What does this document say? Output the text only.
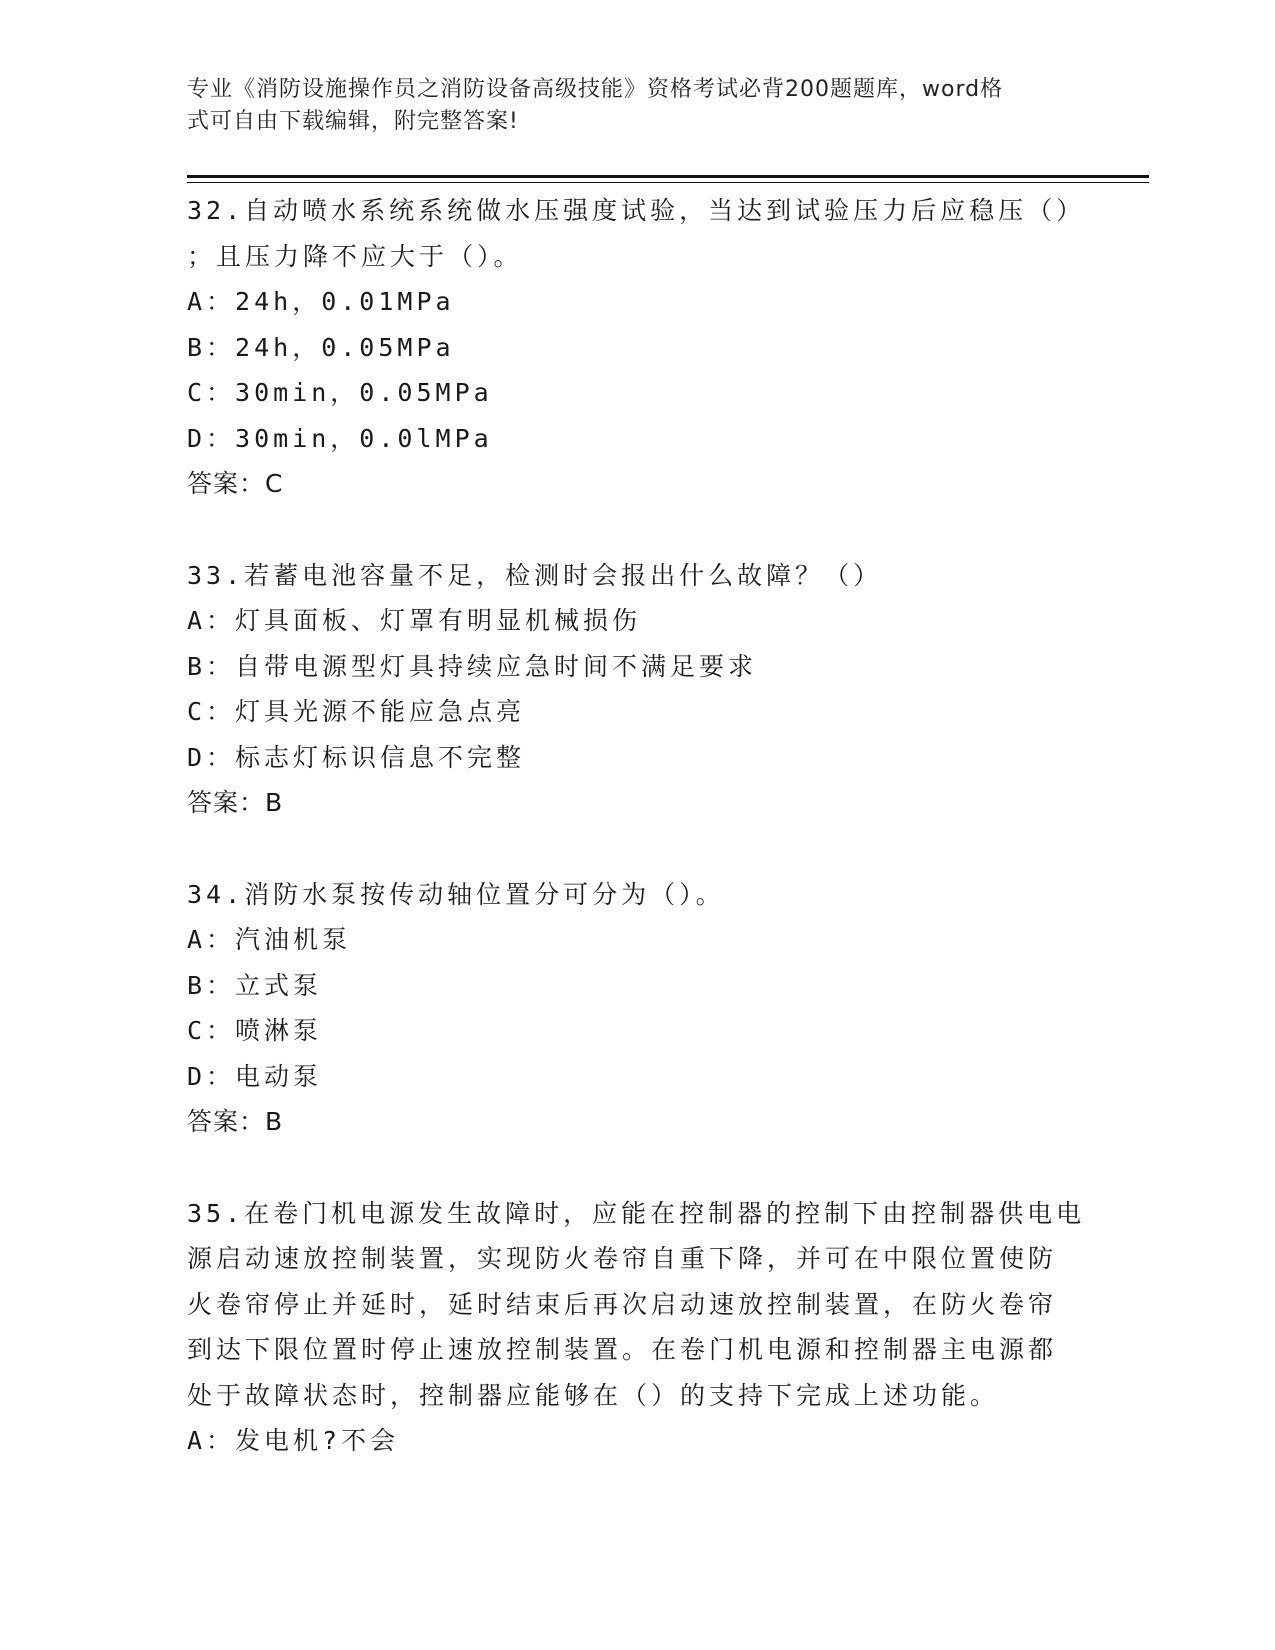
专业《消防设施操作员之消防设备高级技能》资格考试必背200题题库，word格
式可自由下载编辑，附完整答案!

32.自动喷水系统系统做水压强度试验，当达到试验压力后应稳压（）

；且压力降不应大于（）。

A：24h，0.01MPa

B：24h，0.05MPa

C：30min，0.05MPa

D：30min，0.0lMPa

答案：C

33.若蓄电池容量不足，检测时会报出什么故障？（）

A：灯具面板、灯罩有明显机械损伤

B：自带电源型灯具持续应急时间不满足要求

C：灯具光源不能应急点亮

D：标志灯标识信息不完整

答案：B

34.消防水泵按传动轴位置分可分为（）。

A：汽油机泵

B：立式泵

C：喷淋泵

D：电动泵

答案：B

35.在卷门机电源发生故障时，应能在控制器的控制下由控制器供电电

源启动速放控制装置，实现防火卷帘自重下降，并可在中限位置使防

火卷帘停止并延时，延时结束后再次启动速放控制装置，在防火卷帘

到达下限位置时停止速放控制装置。在卷门机电源和控制器主电源都

处于故障状态时，控制器应能够在（）的支持下完成上述功能。

A：发电机?不会
